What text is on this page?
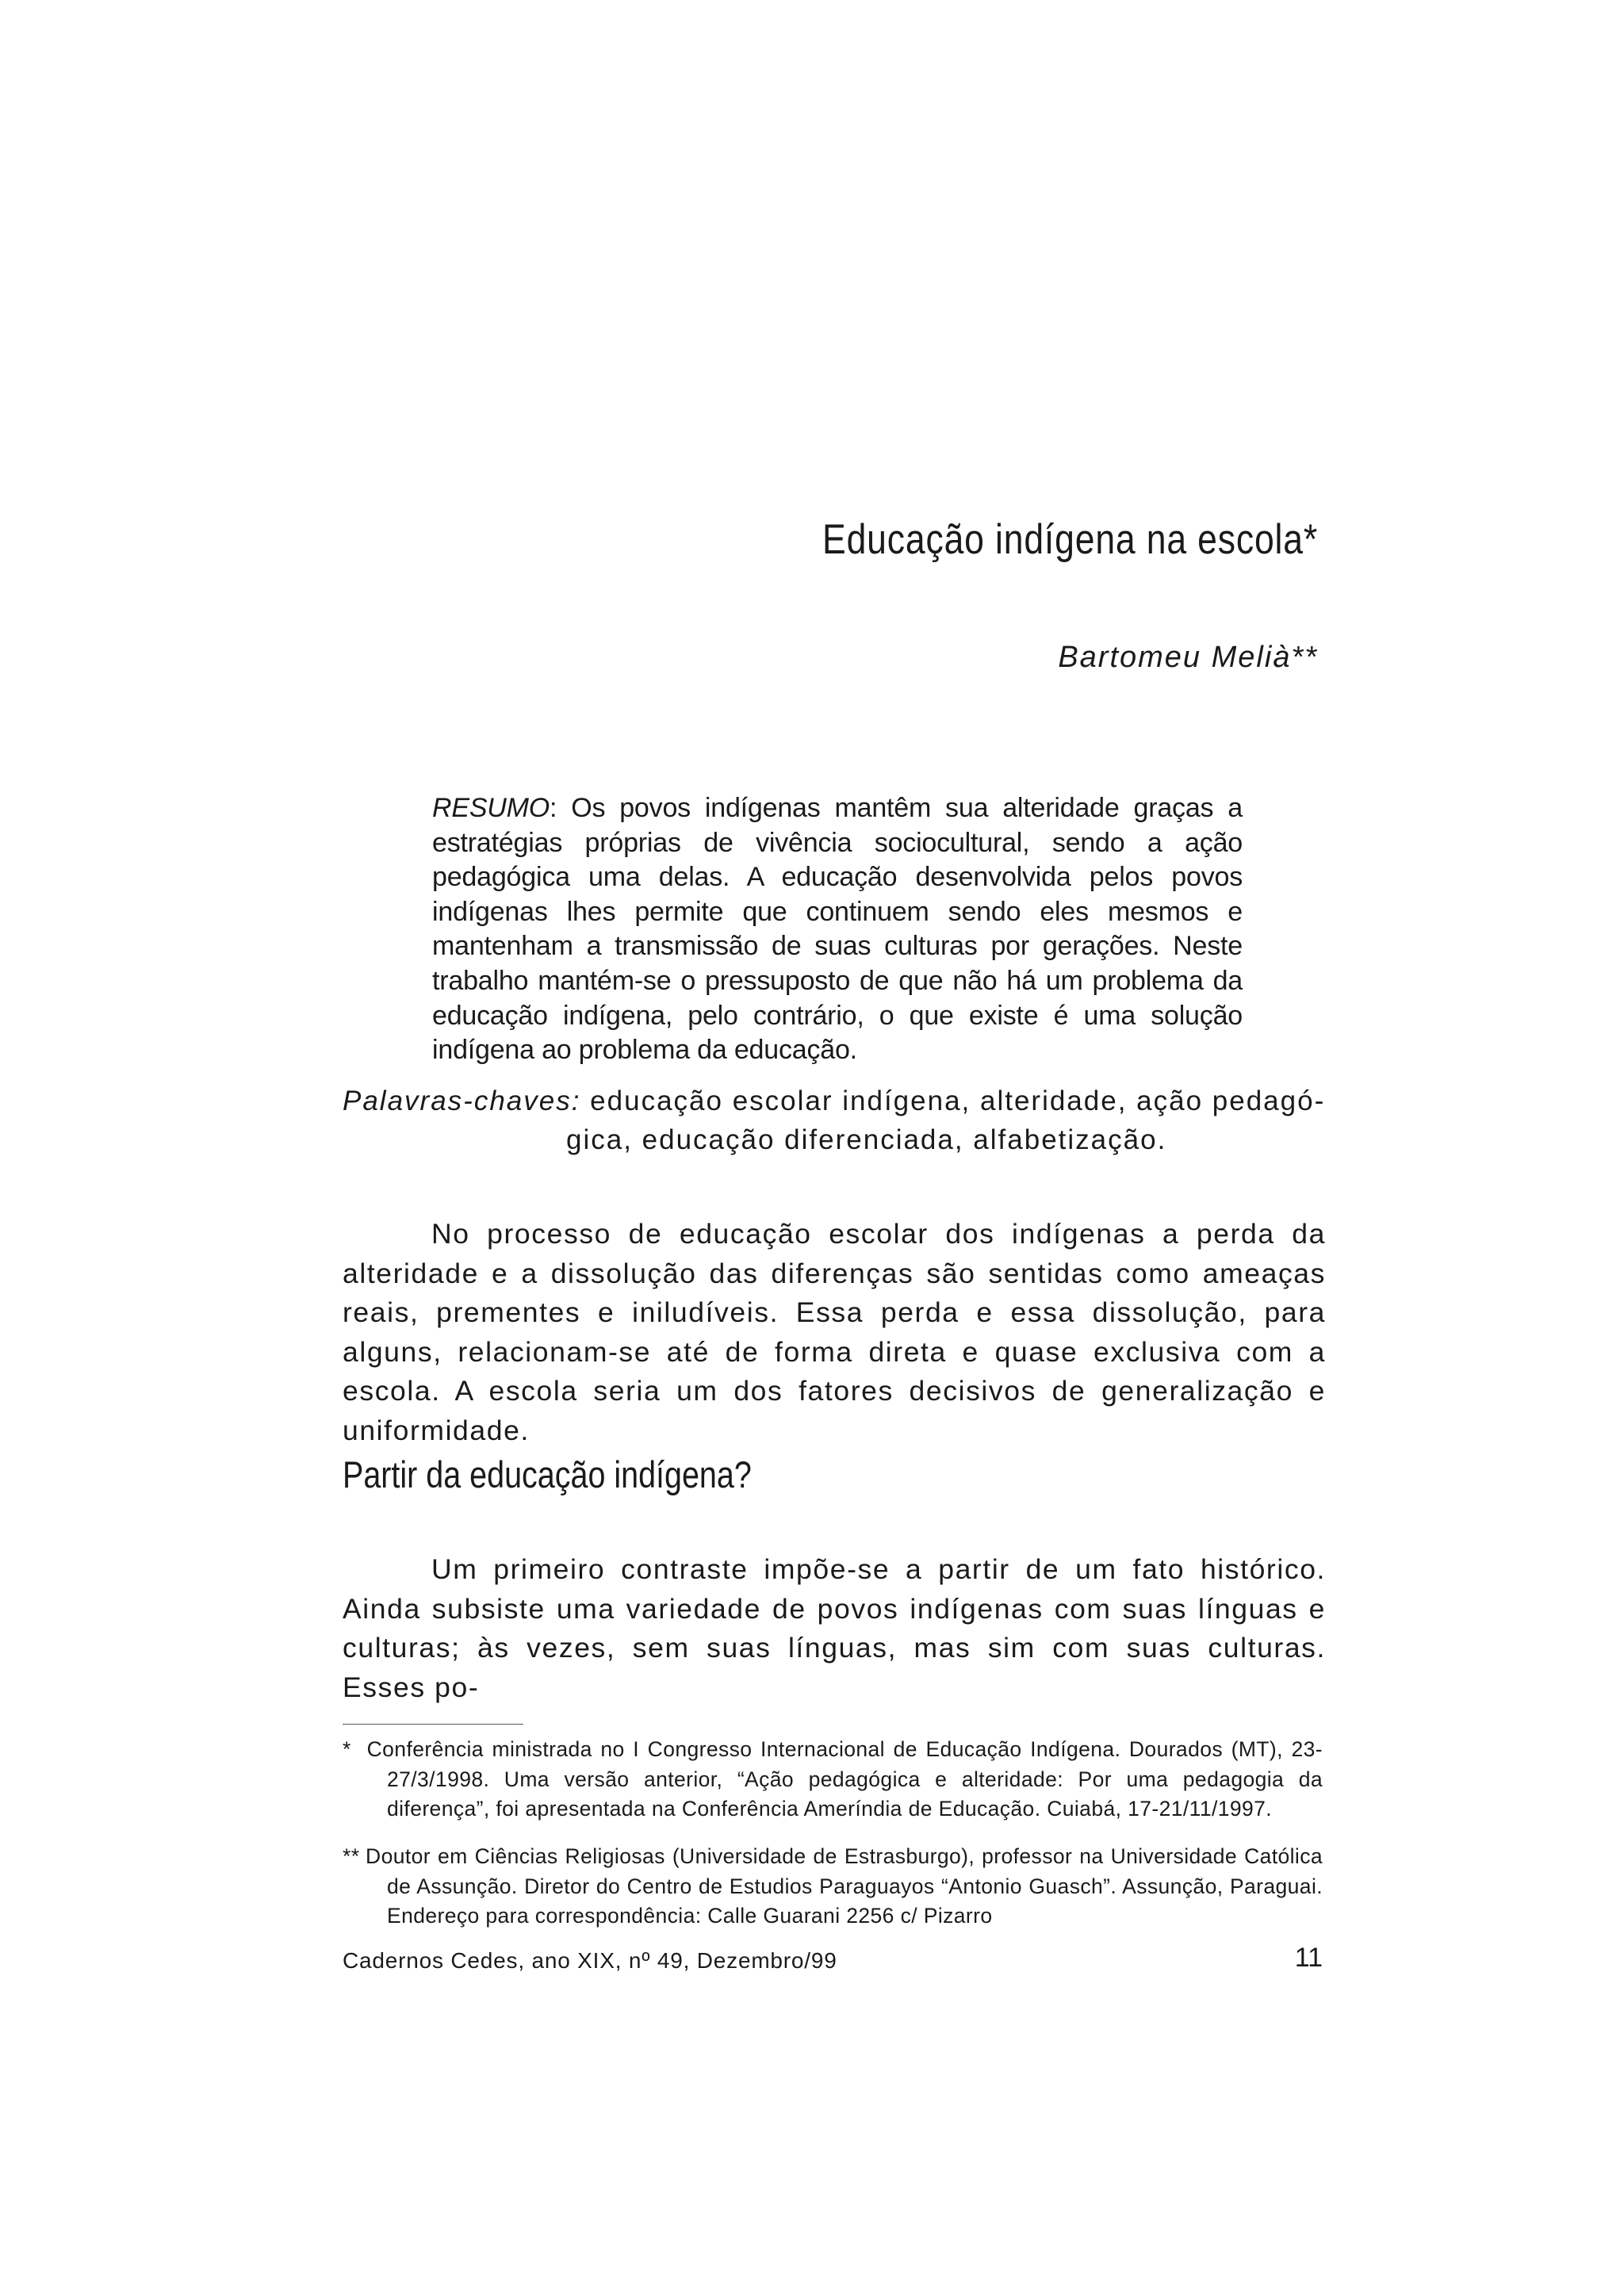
Educação indígena na escola*

Bartomeu Melià**

RESUMO: Os povos indígenas mantêm sua alteridade graças a estratégias próprias de vivência sociocultural, sendo a ação pedagógica uma delas. A educação desenvolvida pelos povos indígenas lhes permite que continuem sendo eles mesmos e mantenham a transmissão de suas culturas por gerações. Neste trabalho mantém-se o pressuposto de que não há um problema da educação indígena, pelo contrário, o que existe é uma solução indígena ao problema da educação.

Palavras-chaves: educação escolar indígena, alteridade, ação pedagó-
gica, educação diferenciada, alfabetização.

No processo de educação escolar dos indígenas a perda da alteridade e a dissolução das diferenças são sentidas como ameaças reais, prementes e iniludíveis. Essa perda e essa dissolução, para alguns, relacionam-se até de forma direta e quase exclusiva com a escola. A escola seria um dos fatores decisivos de generalização e uniformidade.

Partir da educação indígena?

Um primeiro contraste impõe-se a partir de um fato histórico. Ainda subsiste uma variedade de povos indígenas com suas línguas e culturas; às vezes, sem suas línguas, mas sim com suas culturas. Esses po-

* Conferência ministrada no I Congresso Internacional de Educação Indígena. Dourados (MT), 23-27/3/1998. Uma versão anterior, “Ação pedagógica e alteridade: Por uma pedagogia da diferença”, foi apresentada na Conferência Ameríndia de Educação. Cuiabá, 17-21/11/1997.

** Doutor em Ciências Religiosas (Universidade de Estrasburgo), professor na Universidade Católica de Assunção. Diretor do Centro de Estudios Paraguayos “Antonio Guasch”. Assunção, Paraguai. Endereço para correspondência: Calle Guarani 2256 c/ Pizarro

Cadernos Cedes, ano XIX, nº 49, Dezembro/99	11
